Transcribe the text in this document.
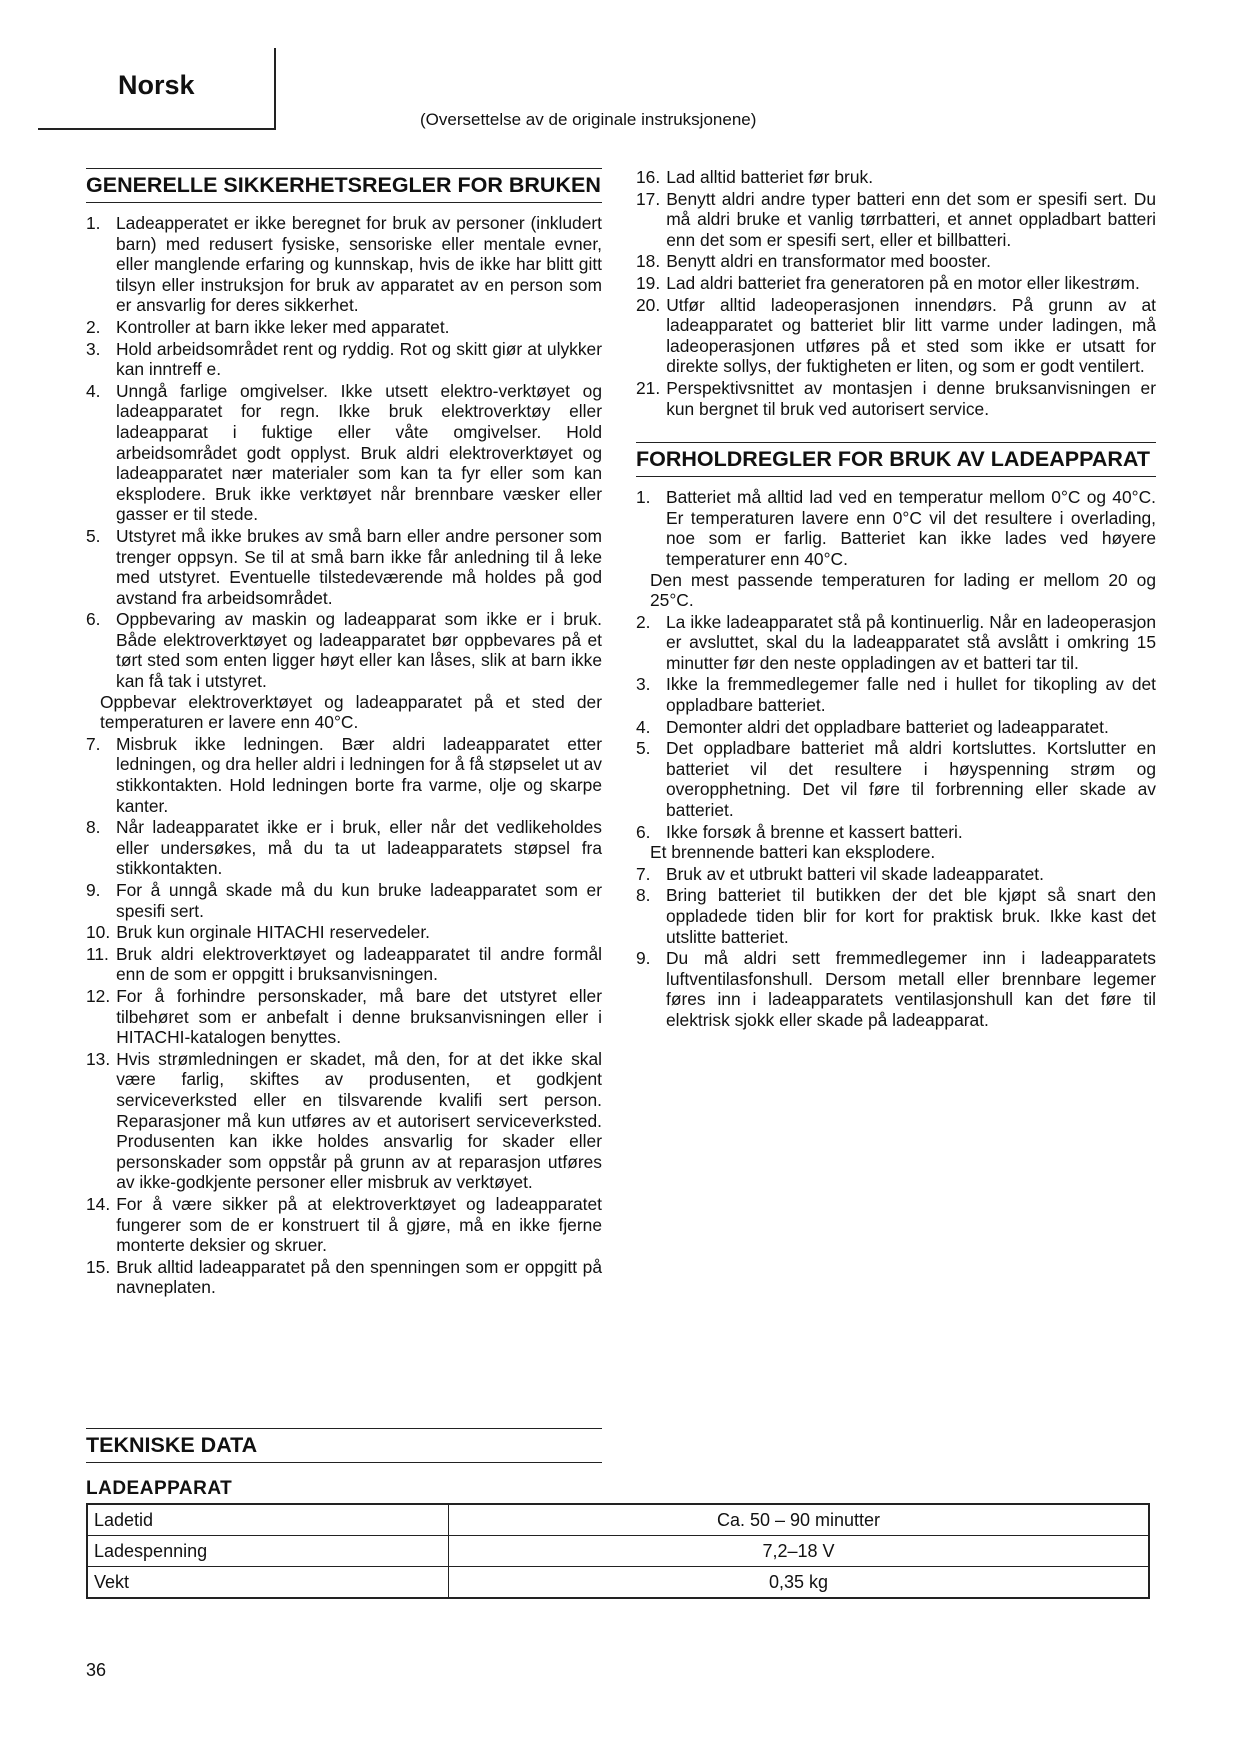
Norsk
(Oversettelse av de originale instruksjonene)
GENERELLE SIKKERHETSREGLER FOR BRUKEN
1. Ladeapperatet er ikke beregnet for bruk av personer (inkludert barn) med redusert fysiske, sensoriske eller mentale evner, eller manglende erfaring og kunnskap, hvis de ikke har blitt gitt tilsyn eller instruksjon for bruk av apparatet av en person som er ansvarlig for deres sikkerhet.
2. Kontroller at barn ikke leker med apparatet.
3. Hold arbeidsområdet rent og ryddig. Rot og skitt giør at ulykker kan inntreff e.
4. Unngå farlige omgivelser. Ikke utsett elektro-verktøyet og ladeapparatet for regn. Ikke bruk elektroverktøy eller ladeapparat i fuktige eller våte omgivelser. Hold arbeidsområdet godt opplyst. Bruk aldri elektroverktøyet og ladeapparatet nær materialer som kan ta fyr eller som kan eksplodere. Bruk ikke verktøyet når brennbare væsker eller gasser er til stede.
5. Utstyret må ikke brukes av små barn eller andre personer som trenger oppsyn. Se til at små barn ikke får anledning til å leke med utstyret. Eventuelle tilstedeværende må holdes på god avstand fra arbeidsområdet.
6. Oppbevaring av maskin og ladeapparat som ikke er i bruk. Både elektroverktøyet og ladeapparatet bør oppbevares på et tørt sted som enten ligger høyt eller kan låses, slik at barn ikke kan få tak i utstyret.
Oppbevar elektroverktøyet og ladeapparatet på et sted der temperaturen er lavere enn 40°C.
7. Misbruk ikke ledningen. Bær aldri ladeapparatet etter ledningen, og dra heller aldri i ledningen for å få støpselet ut av stikkontakten. Hold ledningen borte fra varme, olje og skarpe kanter.
8. Når ladeapparatet ikke er i bruk, eller når det vedlikeholdes eller undersøkes, må du ta ut ladeapparatets støpsel fra stikkontakten.
9. For å unngå skade må du kun bruke ladeapparatet som er spesifi sert.
10. Bruk kun orginale HITACHI reservedeler.
11. Bruk aldri elektroverktøyet og ladeapparatet til andre formål enn de som er oppgitt i bruksanvisningen.
12. For å forhindre personskader, må bare det utstyret eller tilbehøret som er anbefalt i denne bruksanvisningen eller i HITACHI-katalogen benyttes.
13. Hvis strømledningen er skadet, må den, for at det ikke skal være farlig, skiftes av produsenten, et godkjent serviceverksted eller en tilsvarende kvalifi sert person. Reparasjoner må kun utføres av et autorisert serviceverksted. Produsenten kan ikke holdes ansvarlig for skader eller personskader som oppstår på grunn av at reparasjon utføres av ikke-godkjente personer eller misbruk av verktøyet.
14. For å være sikker på at elektroverktøyet og ladeapparatet fungerer som de er konstruert til å gjøre, må en ikke fjerne monterte deksier og skruer.
15. Bruk alltid ladeapparatet på den spenningen som er oppgitt på navneplaten.
16. Lad alltid batteriet før bruk.
17. Benytt aldri andre typer batteri enn det som er spesifi sert. Du må aldri bruke et vanlig tørrbatteri, et annet oppladbart batteri enn det som er spesifi sert, eller et billbatteri.
18. Benytt aldri en transformator med booster.
19. Lad aldri batteriet fra generatoren på en motor eller likestrøm.
20. Utfør alltid ladeoperasjonen innendørs. På grunn av at ladeapparatet og batteriet blir litt varme under ladingen, må ladeoperasjonen utføres på et sted som ikke er utsatt for direkte sollys, der fuktigheten er liten, og som er godt ventilert.
21. Perspektivsnittet av montasjen i denne bruksanvisningen er kun bergnet til bruk ved autorisert service.
FORHOLDREGLER FOR BRUK AV LADEAPPARAT
1. Batteriet må alltid lad ved en temperatur mellom 0°C og 40°C. Er temperaturen lavere enn 0°C vil det resultere i overlading, noe som er farlig. Batteriet kan ikke lades ved høyere temperaturer enn 40°C.
Den mest passende temperaturen for lading er mellom 20 og 25°C.
2. La ikke ladeapparatet stå på kontinuerlig. Når en ladeoperasjon er avsluttet, skal du la ladeapparatet stå avslått i omkring 15 minutter før den neste oppladingen av et batteri tar til.
3. Ikke la fremmedlegemer falle ned i hullet for tikopling av det oppladbare batteriet.
4. Demonter aldri det oppladbare batteriet og ladeapparatet.
5. Det oppladbare batteriet må aldri kortsluttes. Kortslutter en batteriet vil det resultere i høyspenning strøm og overopphetning. Det vil føre til forbrenning eller skade av batteriet.
6. Ikke forsøk å brenne et kassert batteri.
Et brennende batteri kan eksplodere.
7. Bruk av et utbrukt batteri vil skade ladeapparatet.
8. Bring batteriet til butikken der det ble kjøpt så snart den oppladede tiden blir for kort for praktisk bruk. Ikke kast det utslitte batteriet.
9. Du må aldri sett fremmedlegemer inn i ladeapparatets luftventilasfonshull. Dersom metall eller brennbare legemer føres inn i ladeapparatets ventilasjonshull kan det føre til elektrisk sjokk eller skade på ladeapparat.
TEKNISKE DATA
LADEAPPARAT
Ladetid	Ca. 50 – 90 minutter
Ladespenning	7,2–18 V
Vekt	0,35 kg
36
